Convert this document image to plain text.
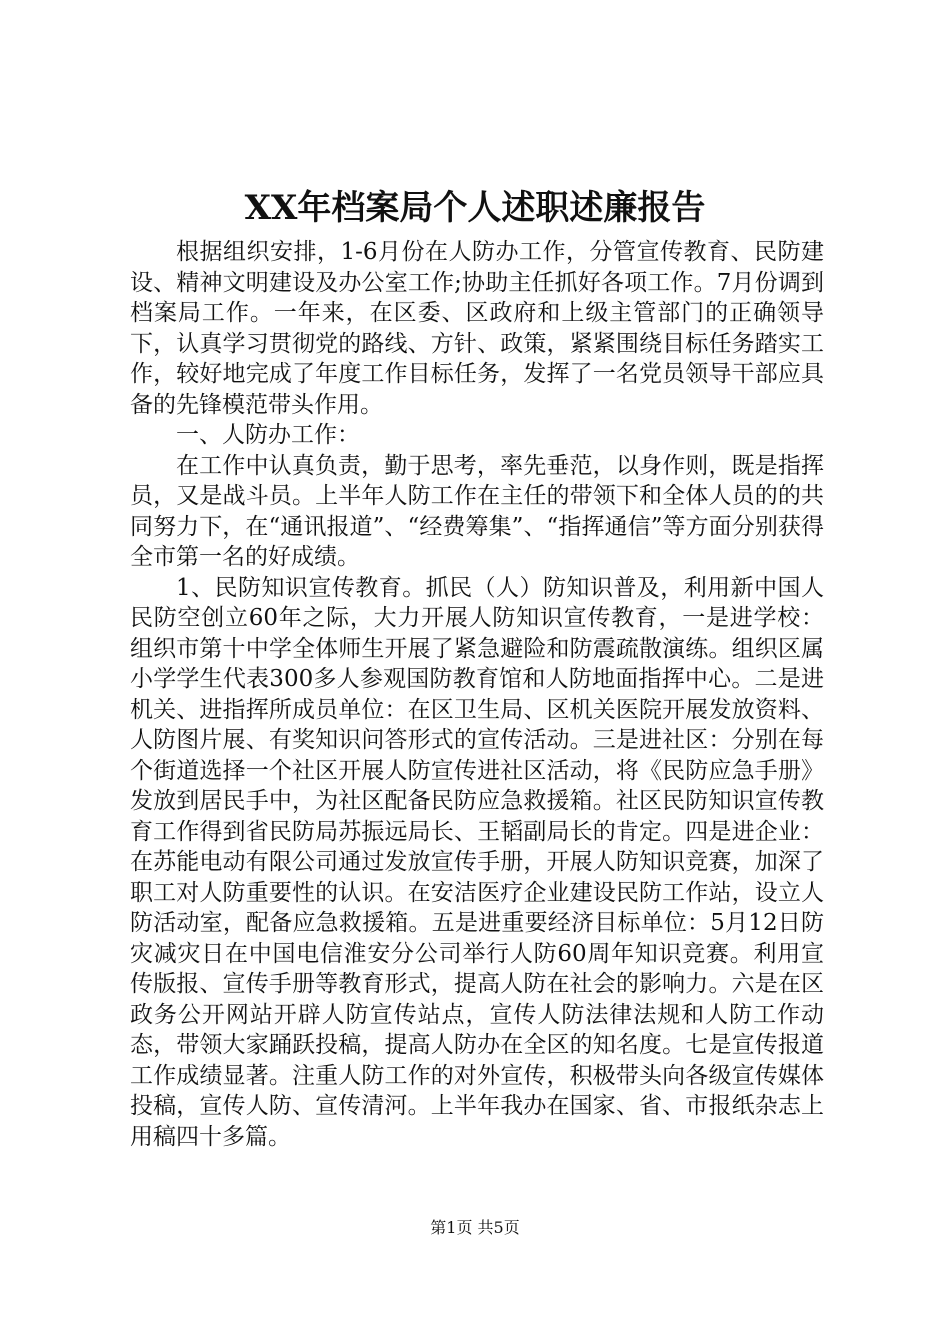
XX年档案局个人述职述廉报告

根据组织安排，1-6月份在人防办工作，分管宣传教育、民防建设、精神文明建设及办公室工作;协助主任抓好各项工作。7月份调到档案局工作。一年来，在区委、区政府和上级主管部门的正确领导下，认真学习贯彻党的路线、方针、政策，紧紧围绕目标任务踏实工作，较好地完成了年度工作目标任务，发挥了一名党员领导干部应具备的先锋模范带头作用。

一、人防办工作：

在工作中认真负责，勤于思考，率先垂范，以身作则，既是指挥员，又是战斗员。上半年人防工作在主任的带领下和全体人员的的共同努力下，在“通讯报道”、“经费筹集”、“指挥通信”等方面分别获得全市第一名的好成绩。

1、民防知识宣传教育。抓民（人）防知识普及，利用新中国人民防空创立60年之际，大力开展人防知识宣传教育，一是进学校：组织市第十中学全体师生开展了紧急避险和防震疏散演练。组织区属小学学生代表300多人参观国防教育馆和人防地面指挥中心。二是进机关、进指挥所成员单位：在区卫生局、区机关医院开展发放资料、人防图片展、有奖知识问答形式的宣传活动。三是进社区：分别在每个街道选择一个社区开展人防宣传进社区活动，将《民防应急手册》发放到居民手中，为社区配备民防应急救援箱。社区民防知识宣传教育工作得到省民防局苏振远局长、王韬副局长的肯定。四是进企业：在苏能电动有限公司通过发放宣传手册，开展人防知识竞赛，加深了职工对人防重要性的认识。在安洁医疗企业建设民防工作站，设立人防活动室，配备应急救援箱。五是进重要经济目标单位：5月12日防灾减灾日在中国电信淮安分公司举行人防60周年知识竞赛。利用宣传版报、宣传手册等教育形式，提高人防在社会的影响力。六是在区政务公开网站开辟人防宣传站点，宣传人防法律法规和人防工作动态，带领大家踊跃投稿，提高人防办在全区的知名度。七是宣传报道工作成绩显著。注重人防工作的对外宣传，积极带头向各级宣传媒体投稿，宣传人防、宣传清河。上半年我办在国家、省、市报纸杂志上用稿四十多篇。

第1页 共5页
